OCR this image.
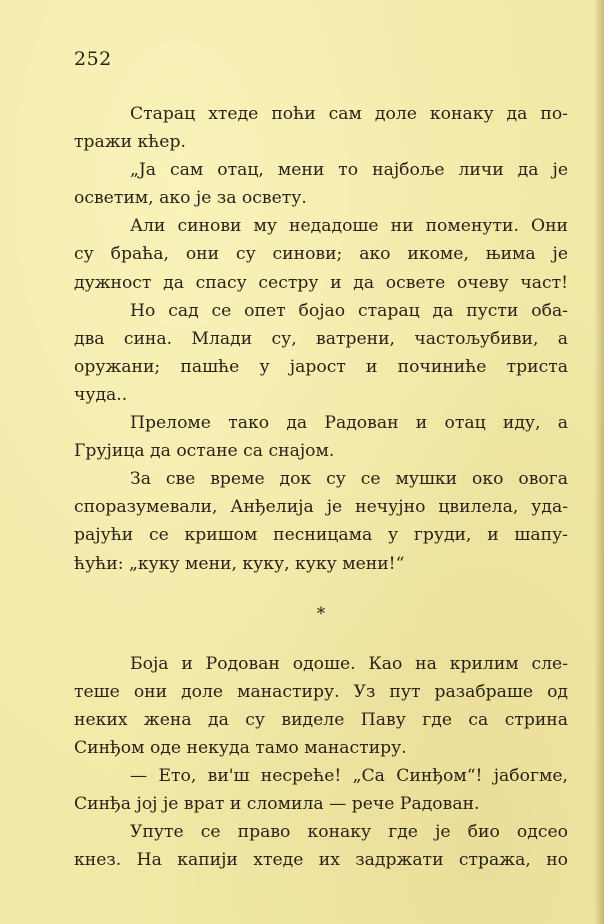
252
Старац хтеде поћи сам доле конаку да по-
тражи кћер.
„Ја сам отац, мени то најбоље личи да је
осветим, ако је за освету.
Али синови му недадоше ни поменути. Они
су браћа, они су синови; ако икоме, њима је
дужност да спасу сестру и да освете очеву част!
Но сад се опет бојао старац да пусти оба-
два сина. Млади су, ватрени, частољубиви, а
оружани; пашће у јарост и починиће триста
чуда..
Преломе тако да Радован и отац иду, а
Грујица да остане са снајом.
За све време док су се мушки око овога
споразумевали, Анђелија је нечујно цвилела, уда-
рајући се кришом песницама у груди, и шапу-
ћући: „куку мени, куку, куку мени!“
*
Боја и Родован одоше. Као на крилим сле-
теше они доле манастиру. Уз пут разабраше од
неких жена да су виделе Паву где са стрина
Синђом оде некуда тамо манастиру.
— Ето, ви'ш несреће! „Са Синђом“! јабогме,
Синђа јој је врат и сломила — рече Радован.
Упуте се право конаку где је био одсео
кнез. На капији хтеде их задржати стража, но
